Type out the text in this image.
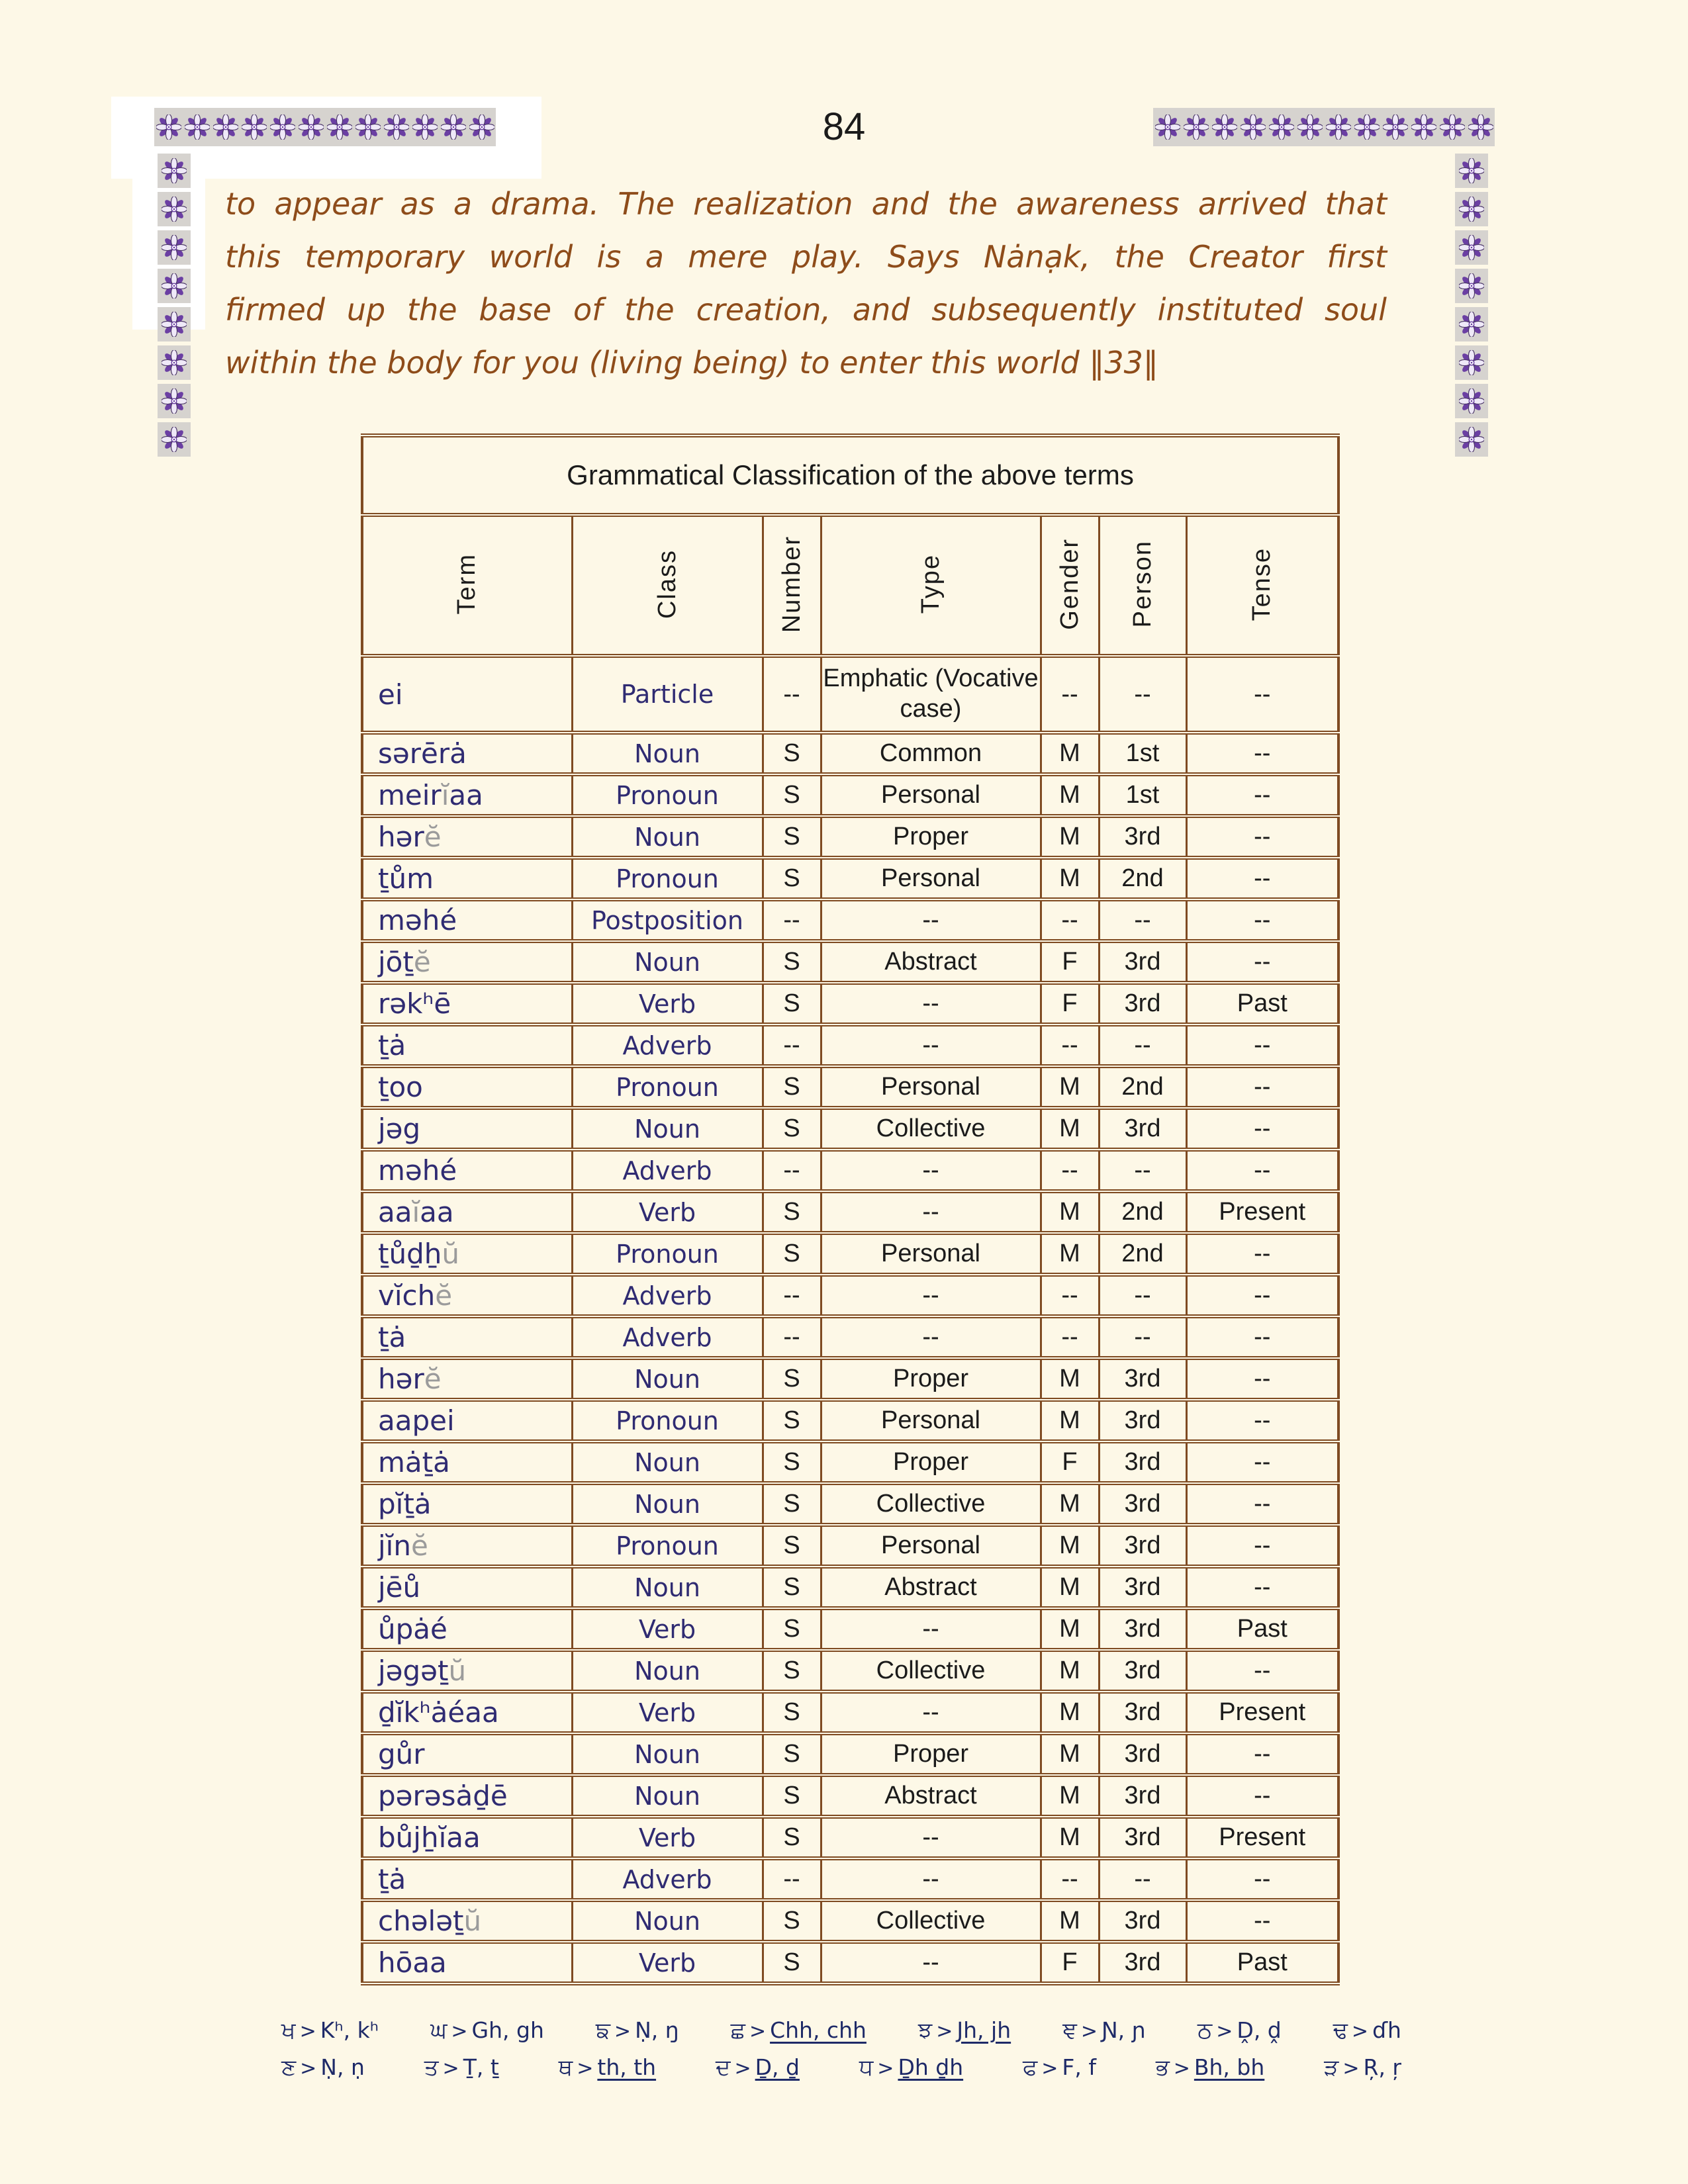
84
to appear as a drama. The realization and the awareness arrived that
this temporary world is a mere play. Says Nȧnạk, the Creator first
firmed up the base of the creation, and subsequently instituted soul
within the body for you (living being) to enter this world ‖33‖
Grammatical Classification of the above terms						
Term	Class	Number	Type	Gender	Person	Tense
ei	Particle	--	Emphatic (Vocative case)	--	--	--
sərērȧ	Noun	S	Common	M	1st	--
meirĭaa	Pronoun	S	Personal	M	1st	--
hərĕ	Noun	S	Proper	M	3rd	--
ṯům	Pronoun	S	Personal	M	2nd	--
məhé	Postposition	--	--	--	--	--
jōṯĕ	Noun	S	Abstract	F	3rd	--
rəkʰē	Verb	S	--	F	3rd	Past
ṯȧ	Adverb	--	--	--	--	--
ṯoo	Pronoun	S	Personal	M	2nd	--
jəg	Noun	S	Collective	M	3rd	--
məhé	Adverb	--	--	--	--	--
aaĭaa	Verb	S	--	M	2nd	Present
ṯůḏẖŭ	Pronoun	S	Personal	M	2nd	--
vĭchĕ	Adverb	--	--	--	--	--
ṯȧ	Adverb	--	--	--	--	--
hərĕ	Noun	S	Proper	M	3rd	--
aapei	Pronoun	S	Personal	M	3rd	--
mȧṯȧ	Noun	S	Proper	F	3rd	--
pĭṯȧ	Noun	S	Collective	M	3rd	--
jĭnĕ	Pronoun	S	Personal	M	3rd	--
jēů	Noun	S	Abstract	M	3rd	--
ůpȧé	Verb	S	--	M	3rd	Past
jəgəṯŭ	Noun	S	Collective	M	3rd	--
ḏĭkʰȧéaa	Verb	S	--	M	3rd	Present
gůr	Noun	S	Proper	M	3rd	--
pərəsȧḏē	Noun	S	Abstract	M	3rd	--
bůjẖĭaa	Verb	S	--	M	3rd	Present
ṯȧ	Adverb	--	--	--	--	--
chələṯŭ	Noun	S	Collective	M	3rd	--
hōaa	Verb	S	--	F	3rd	Past
ਖ > Kʰ, kʰ ਘ > Gh, gh ਙ > Ṇ, ŋ ਛ > Chh, chh ਝ > Jh, jh ਞ > Ɲ, ɲ ਠ > Ḓ, ḓ ਢ > ɗh
ਣ > Ṇ, ṇ	ਤ > Ṯ, ṯ	ਥ > th, th	ਦ > Ḏ, ḏ	ਧ > Ḏh ḏh	ਫ > F, f	ਭ > Bh, bh	ੜ > Ŗ, ŗ
